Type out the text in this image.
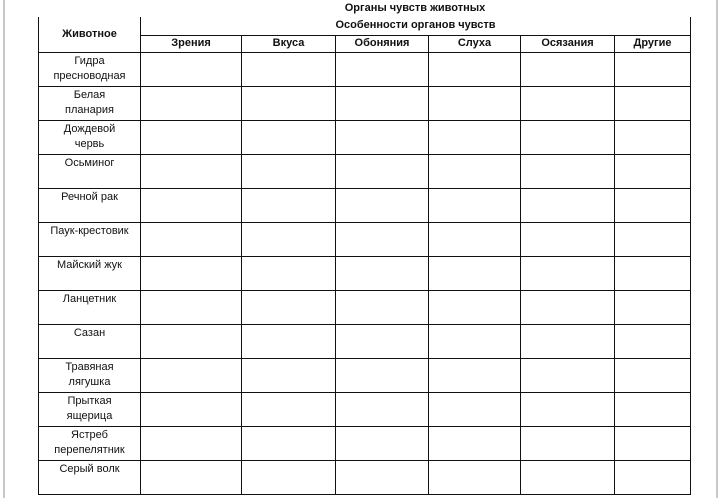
Органы чувств животных
Животное	Особенности органов чувств					
	Зрения	Вкуса	Обоняния	Слуха	Осязания	Другие

Гидра
пресноводная						

Белая
планария						

Дождевой
червь						

Осьминог						

Речной рак						

Паук-крестовик						

Майский жук						

Ланцетник						

Сазан						

Травяная
лягушка						

Прыткая
ящерица						

Ястреб
перепелятник						

Серый волк						
